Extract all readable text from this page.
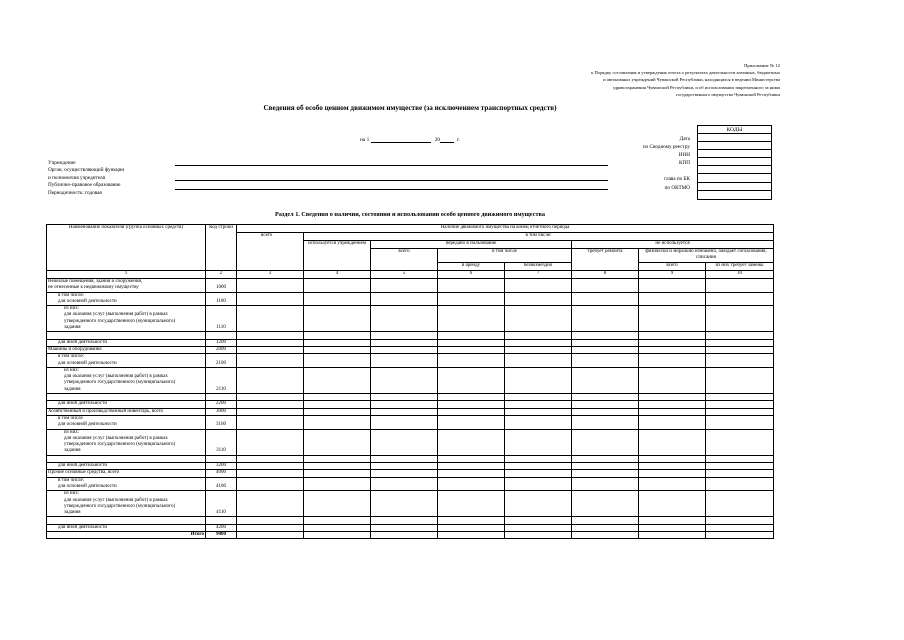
Приложение № 12
к Порядку составления и утверждения отчета о результатах деятельности казенных, бюджетных
и автономных учреждений Чувашской Республики, находящихся в ведении Министерства
здравоохранения Чувашской Республики, и об использовании закрепленного за ними
государственного имущества Чувашской Республики
Сведения об особо ценном движимом имуществе (за исключением транспортных средств)
КОДЫ
Дата
по Сводному реестру
ИНН
КПП
глава по БК
по ОКТМО
на 1	20	г.
Учреждение
Орган, осуществляющий функции
и полномочия учредителя
Публично-правовое образование
Периодичность: годовая
Раздел 1. Сведения о наличии, состоянии и использовании особо ценного движимого имущества
Наименование показателя (группа основных средств)	Код строки	Наличие движимого имущества на конец отчетного периода							
		всего	в том числе:						
			используется учреждением	передано в пользование			не используется		
				всего	в том числе		требует ремонта	физически и морально изношено, ожидает согласования, списания	
					в аренду	безвозмездно		всего	из них требует замены
1	2	3	4	5	6	7	8	9	10

Нежилые помещения, здания и сооружения,
не отнесенные к недвижимому имуществу	1000								

в том числе:
для основной деятельности	1100								

из них:
для оказания услуг (выполнения работ) в рамках
утвержденного государственного (муниципального)
задания	1110								

для иной деятельности	1200								

Машины и оборудование	2000								

в том числе:
для основной деятельности	2100								

из них:
для оказания услуг (выполнения работ) в рамках
утвержденного государственного (муниципального)
задания	2110								

для иной деятельности	2200								

Хозяйственный и производственный инвентарь, всего	3000								

в том числе
для основной деятельности	3100								

из них:
для оказания услуг (выполнения работ) в рамках
утвержденного государственного (муниципального)
задания	3110								

для иной деятельности	3200								

Прочие основные средства, всего	4000								

в том числе:
для основной деятельности	4100								

из них:
для оказания услуг (выполнения работ) в рамках
утвержденного государственного (муниципального)
задания	4110								

для иной деятельности	4200								
Итого	9000								
